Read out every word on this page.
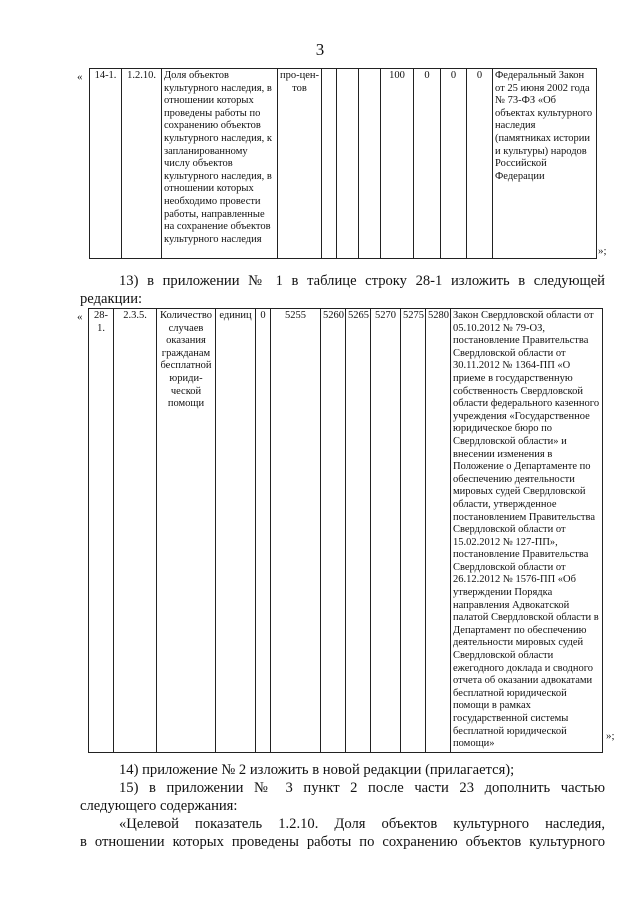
3
« 14-1.	1.2.10.	Доля объектов культурного наследия, в отношении которых проведены работы по сохранению объектов культурного наследия, к запланированному числу объектов культурного наследия, в отношении которых необходимо провести работы, направленные на сохранение объектов культурного наследия	про-цен-тов				100	0	0	0	Федеральный Закон от 25 июня 2002 года № 73-ФЗ «Об объектах культурного наследия (памятниках истории и культуры) народов Российской Федерации
»;
13) в приложении № 1 в таблице строку 28-1 изложить в следующей
редакции:
« 28-1.	2.3.5.	Количество случаев оказания гражданам бесплатной юриди-ческой помощи	единиц	0	5255	5260	5265	5270	5275	5280	Закон Свердловской области от 05.10.2012 № 79-ОЗ, постановление Правительства Свердловской области от 30.11.2012 № 1364-ПП «О приеме в государственную собственность Свердловской области федерального казенного учреждения «Государственное юридическое бюро по Свердловской области» и внесении изменения в Положение о Департаменте по обеспечению деятельности мировых судей Свердловской области, утвержденное постановлением Правительства Свердловской области от 15.02.2012 № 127-ПП», постановление Правительства Свердловской области от 26.12.2012 № 1576-ПП «Об утверждении Порядка направления Адвокатской палатой Свердловской области в Департамент по обеспечению деятельности мировых судей Свердловской области ежегодного доклада и сводного отчета об оказании адвокатами бесплатной юридической помощи в рамках государственной системы бесплатной юридической помощи»
»;
14) приложение № 2 изложить в новой редакции (прилагается);
15) в приложении № 3 пункт 2 после части 23 дополнить частью
следующего содержания:
«Целевой показатель 1.2.10. Доля объектов культурного наследия,
в отношении которых проведены работы по сохранению объектов культурного
